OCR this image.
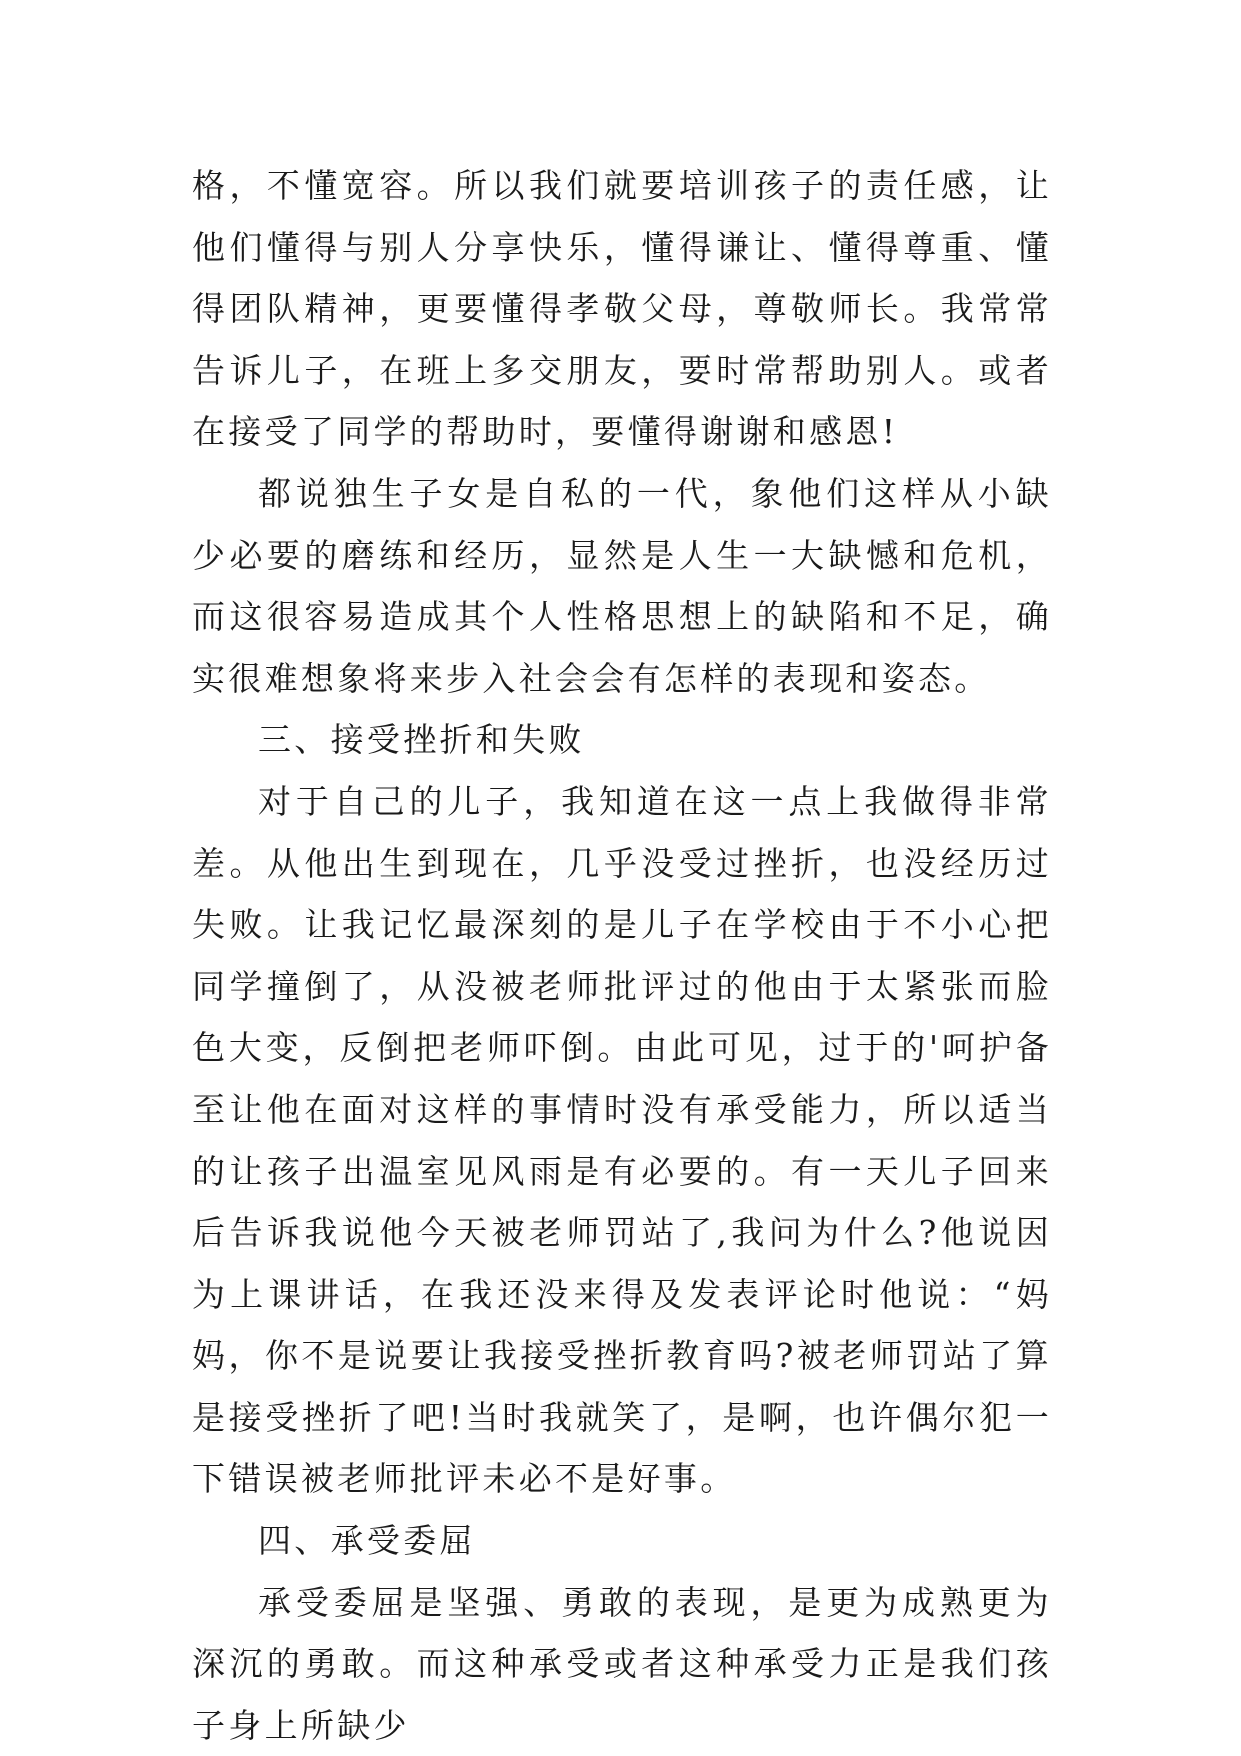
格，不懂宽容。所以我们就要培训孩子的责任感，让他们懂得与别人分享快乐，懂得谦让、懂得尊重、懂得团队精神，更要懂得孝敬父母，尊敬师长。我常常告诉儿子，在班上多交朋友，要时常帮助别人。或者在接受了同学的帮助时，要懂得谢谢和感恩!

都说独生子女是自私的一代，象他们这样从小缺少必要的磨练和经历，显然是人生一大缺憾和危机，而这很容易造成其个人性格思想上的缺陷和不足，确实很难想象将来步入社会会有怎样的表现和姿态。

三、接受挫折和失败

对于自己的儿子，我知道在这一点上我做得非常差。从他出生到现在，几乎没受过挫折，也没经历过失败。让我记忆最深刻的是儿子在学校由于不小心把同学撞倒了，从没被老师批评过的他由于太紧张而脸色大变，反倒把老师吓倒。由此可见，过于的'呵护备至让他在面对这样的事情时没有承受能力，所以适当的让孩子出温室见风雨是有必要的。有一天儿子回来后告诉我说他今天被老师罚站了,我问为什么?他说因为上课讲话，在我还没来得及发表评论时他说：“妈妈，你不是说要让我接受挫折教育吗?被老师罚站了算是接受挫折了吧!当时我就笑了，是啊，也许偶尔犯一下错误被老师批评未必不是好事。

四、承受委屈

承受委屈是坚强、勇敢的表现，是更为成熟更为深沉的勇敢。而这种承受或者这种承受力正是我们孩子身上所缺少
